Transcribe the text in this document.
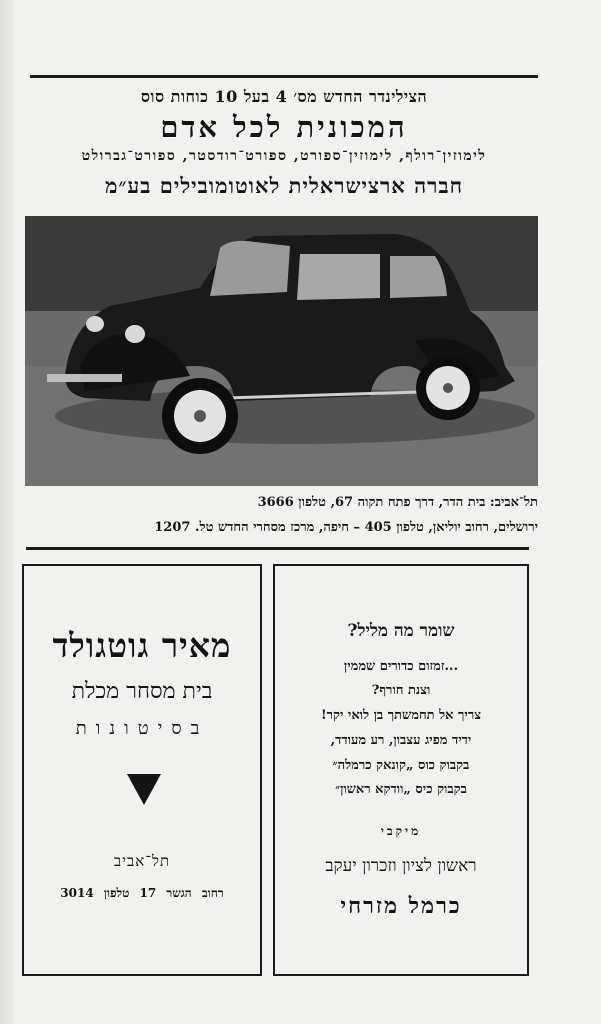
הצילינדר החדש מס׳ 4 בעל 10 כוחות סוס
המכונית לכל אדם
לימוזין־רולף, לימוזין־ספורט, ספורט־רודסטר, ספורט־גברולט
חברה ארצישראלית לאוטומובילים בע״מ
תל־אביב: בית הדר, דרך פתח תקוה 67, טלפון 3666
ירושלים, רחוב יוליאן, טלפון 405 – חיפה, מרכז מסחרי החדש טל. 1207
מאיר גוטגולד
בית מסחר מכלת
בסיטונות
תל־אביב
רחוב הגשר 17 טלפון 3014
שומר מה מליל?
...זמזום כדורים שממין
וצנת חורף?
צריך אל תחמשתך בן לואי יקר!
ידיד מפיג עצבון, רע מעודד,
בקבוק כוס „קונאק כרמלה״
בקבוק כיס „וודקא ראשון״
מיקבי
ראשון לציון וזכרון יעקב
כרמל מזרחי
